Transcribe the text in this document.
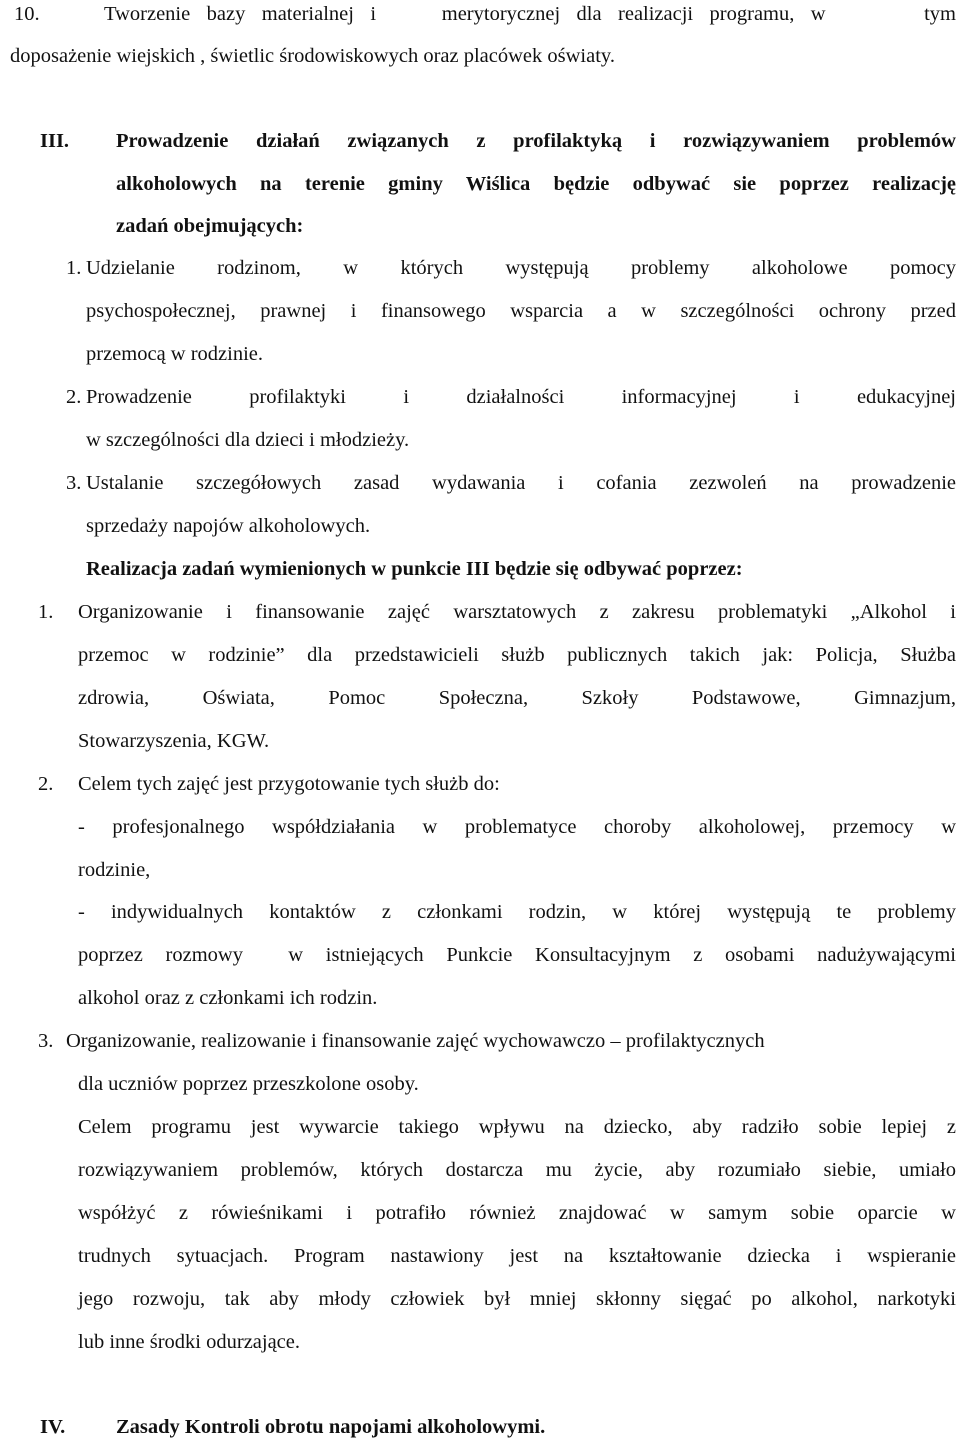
10.	Tworzenie bazy materialnej i    merytorycznej dla realizacji programu, w      tym
doposażenie wiejskich , świetlic środowiskowych oraz placówek oświaty.
III. Prowadzenie działań związanych z profilaktyką i rozwiązywaniem problemów
alkoholowych na terenie gminy Wiślica będzie odbywać sie poprzez realizację
zadań obejmujących:
1. Udzielanie rodzinom, w których występują problemy alkoholowe pomocy
psychospołecznej, prawnej i finansowego wsparcia a w szczególności ochrony przed
przemocą w rodzinie.
2. Prowadzenie profilaktyki i działalności informacyjnej i edukacyjnej
w szczególności dla dzieci i młodzieży.
3. Ustalanie szczegółowych zasad wydawania i cofania zezwoleń na prowadzenie
sprzedaży napojów alkoholowych.
Realizacja zadań wymienionych w punkcie III będzie się odbywać poprzez:
1. Organizowanie i finansowanie zajęć warsztatowych z zakresu problematyki „Alkohol i
przemoc w rodzinie” dla przedstawicieli służb publicznych takich jak: Policja, Służba
zdrowia, Oświata, Pomoc Społeczna, Szkoły Podstawowe, Gimnazjum,
Stowarzyszenia, KGW.
2. Celem tych zajęć jest przygotowanie tych służb do:
- profesjonalnego współdziałania w problematyce choroby alkoholowej, przemocy w
rodzinie,
- indywidualnych kontaktów z członkami rodzin, w której występują te problemy
poprzez rozmowy  w istniejących Punkcie Konsultacyjnym z osobami nadużywającymi
alkohol oraz z członkami ich rodzin.
3. Organizowanie, realizowanie i finansowanie zajęć wychowawczo – profilaktycznych
dla uczniów poprzez przeszkolone osoby.
Celem programu jest wywarcie takiego wpływu na dziecko, aby radziło sobie lepiej z
rozwiązywaniem problemów, których dostarcza mu życie, aby rozumiało siebie, umiało
współżyć z rówieśnikami i potrafiło również znajdować w samym sobie oparcie w
trudnych sytuacjach. Program nastawiony jest na kształtowanie dziecka i wspieranie
jego rozwoju, tak aby młody człowiek był mniej skłonny sięgać po alkohol, narkotyki
lub inne środki odurzające.
IV. Zasady Kontroli obrotu napojami alkoholowymi.
